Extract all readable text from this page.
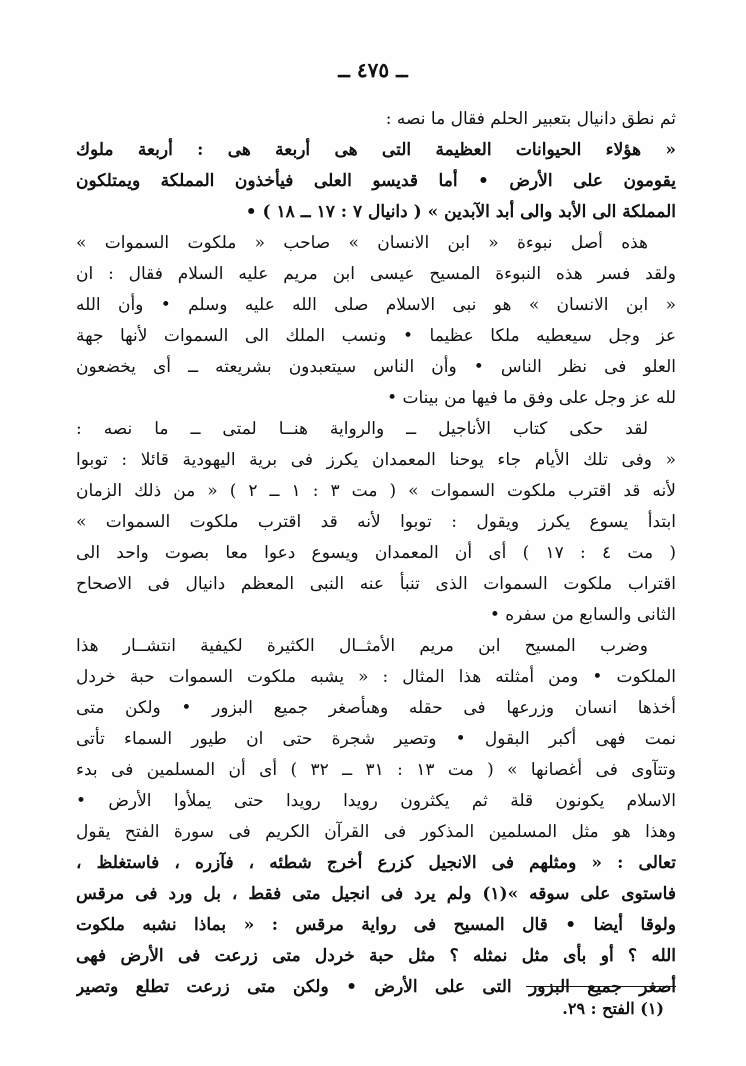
ــ ٤٧٥ ــ
ثم نطق دانيال بتعبير الحلم فقال ما نصه :
« هؤلاء الحيوانات العظيمة التى هى أربعة هى : أربعة ملوك
يقومون على الأرض • أما قديسو العلى فيأخذون المملكة ويمتلكون
المملكة الى الأبد والى أبد الآبدين » ( دانيال ٧ : ١٧ ــ ١٨ ) •
هذه أصل نبوءة « ابن الانسان » صاحب « ملكوت السموات »
ولقد فسر هذه النبوءة المسيح عيسى ابن مريم عليه السلام فقال : ان
« ابن الانسان » هو نبى الاسلام صلى الله عليه وسلم • وأن الله
عز وجل سيعطيه ملكا عظيما • ونسب الملك الى السموات لأنها جهة
العلو فى نظر الناس • وأن الناس سيتعبدون بشريعته ــ أى يخضعون
لله عز وجل على وفق ما فيها من بينات •
لقد حكى كتاب الأناجيل ــ والرواية هنــا لمتى ــ ما نصه :
« وفى تلك الأيام جاء يوحنا المعمدان يكرز فى برية اليهودية قائلا : توبوا
لأنه قد اقترب ملكوت السموات » ( مت ٣ : ١ ــ ٢ ) « من ذلك الزمان
ابتدأ يسوع يكرز ويقول : توبوا لأنه قد اقترب ملكوت السموات »
( مت ٤ : ١٧ ) أى أن المعمدان ويسوع دعوا معا بصوت واحد الى
اقتراب ملكوت السموات الذى تنبأ عنه النبى المعظم دانيال فى الاصحاح
الثانى والسابع من سفره •
وضرب المسيح ابن مريم الأمثــال الكثيرة لكيفية انتشــار هذا
الملكوت • ومن أمثلته هذا المثال : « يشبه ملكوت السموات حبة خردل
أخذها انسان وزرعها فى حقله وهىأصغر جميع البزور • ولكن متى
نمت فهى أكبر البقول • وتصير شجرة حتى ان طيور السماء تأتى
وتتآوى فى أغصانها » ( مت ١٣ : ٣١ ــ ٣٢ ) أى أن المسلمين فى بدء
الاسلام يكونون قلة ثم يكثرون رويدا رويدا حتى يملأوا الأرض •
وهذا هو مثل المسلمين المذكور فى القرآن الكريم فى سورة الفتح يقول
تعالى : « ومثلهم فى الانجيل كزرع أخرج شطئه ، فآزره ، فاستغلظ ،
فاستوى على سوقه »(١) ولم يرد فى انجيل متى فقط ، بل ورد فى مرقس
ولوقا أيضا • قال المسيح فى رواية مرقس : « بماذا نشبه ملكوت
الله ؟ أو بأى مثل نمثله ؟ مثل حبة خردل متى زرعت فى الأرض فهى
أصغر جميع البزور التى على الأرض • ولكن متى زرعت تطلع وتصير
(١) الفتح : ٢٩.
